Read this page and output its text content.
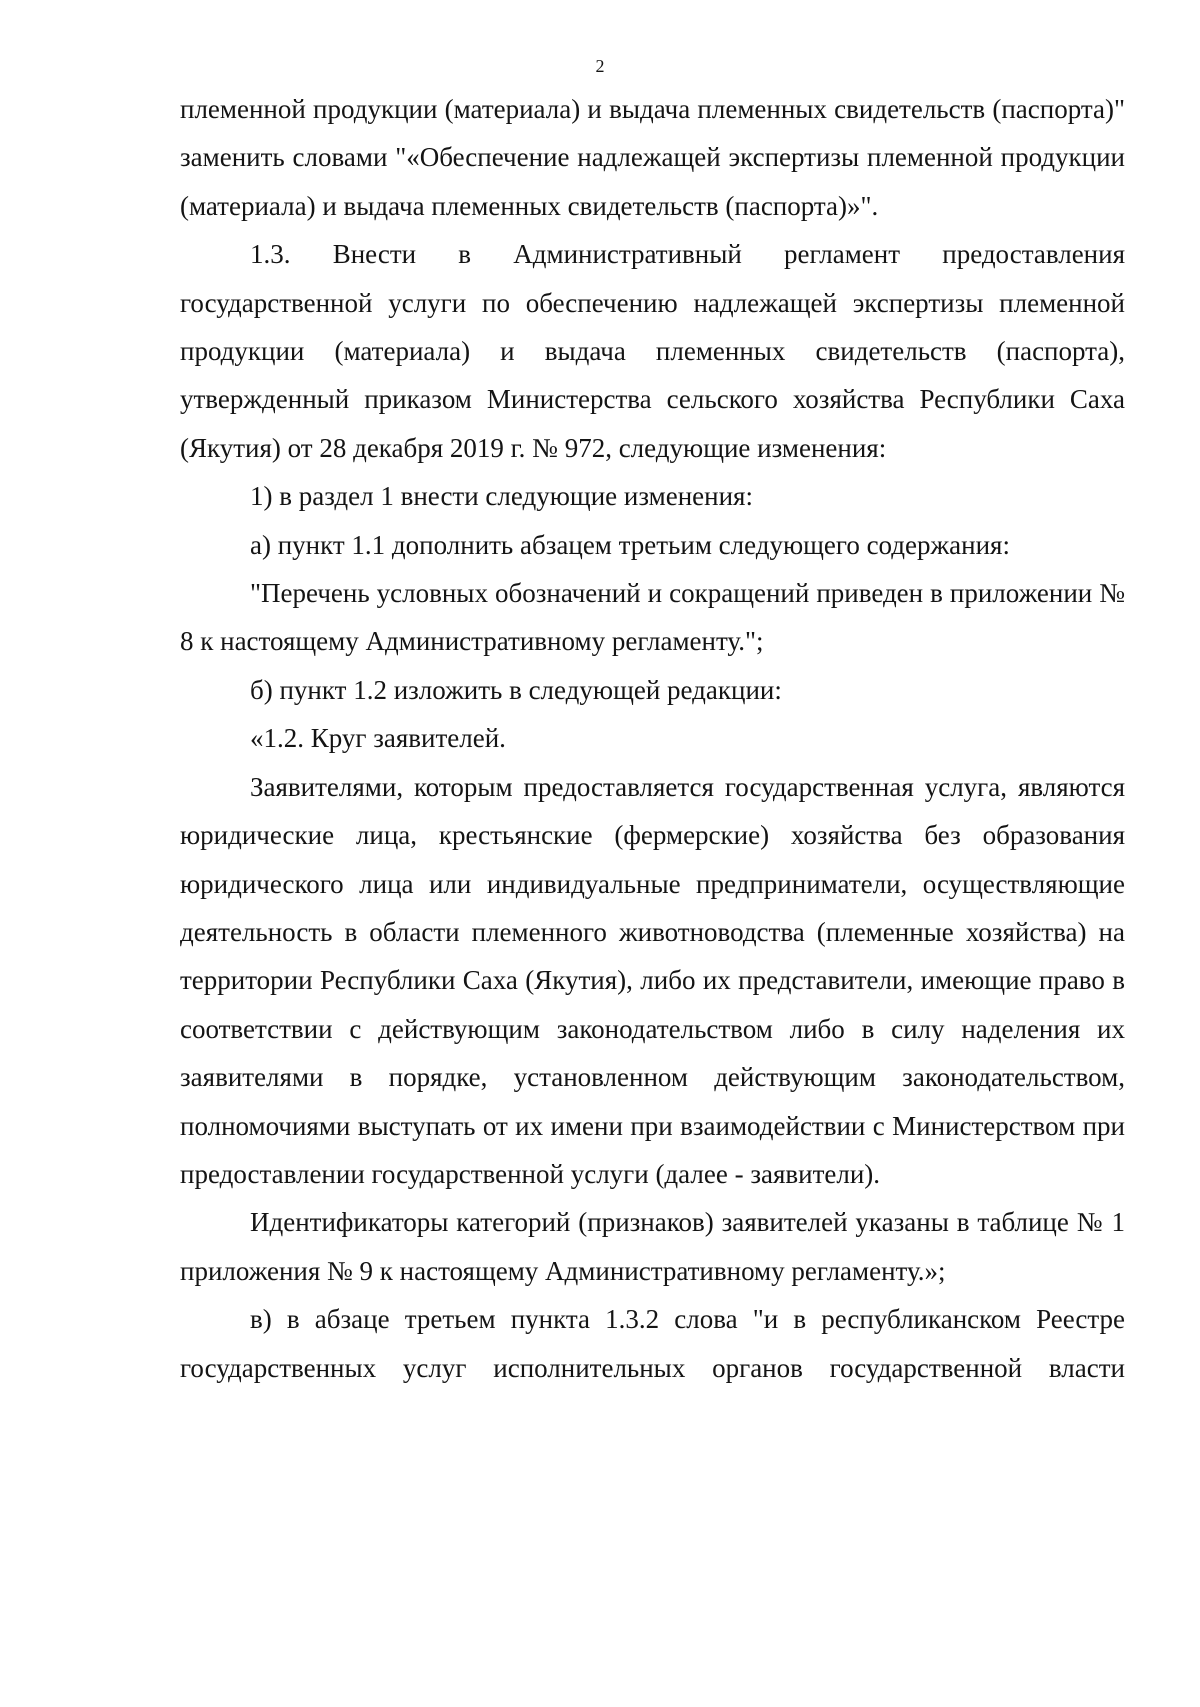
2

племенной продукции (материала) и выдача племенных свидетельств (паспорта)" заменить словами "«Обеспечение надлежащей экспертизы племенной продукции (материала) и выдача племенных свидетельств (паспорта)»".

1.3. Внести в Административный регламент предоставления государственной услуги по обеспечению надлежащей экспертизы племенной продукции (материала) и выдача племенных свидетельств (паспорта), утвержденный приказом Министерства сельского хозяйства Республики Саха (Якутия) от 28 декабря 2019 г. № 972, следующие изменения:

1) в раздел 1 внести следующие изменения:

а) пункт 1.1 дополнить абзацем третьим следующего содержания:

"Перечень условных обозначений и сокращений приведен в приложении № 8 к настоящему Административному регламенту.";

б) пункт 1.2 изложить в следующей редакции:

«1.2. Круг заявителей.

Заявителями, которым предоставляется государственная услуга, являются юридические лица, крестьянские (фермерские) хозяйства без образования юридического лица или индивидуальные предприниматели, осуществляющие деятельность в области племенного животноводства (племенные хозяйства) на территории Республики Саха (Якутия), либо их представители, имеющие право в соответствии с действующим законодательством либо в силу наделения их заявителями в порядке, установленном действующим законодательством, полномочиями выступать от их имени при взаимодействии с Министерством при предоставлении государственной услуги (далее - заявители).

Идентификаторы категорий (признаков) заявителей указаны в таблице № 1 приложения № 9 к настоящему Административному регламенту.»;

в) в абзаце третьем пункта 1.3.2 слова "и в республиканском Реестре государственных услуг исполнительных органов государственной власти
